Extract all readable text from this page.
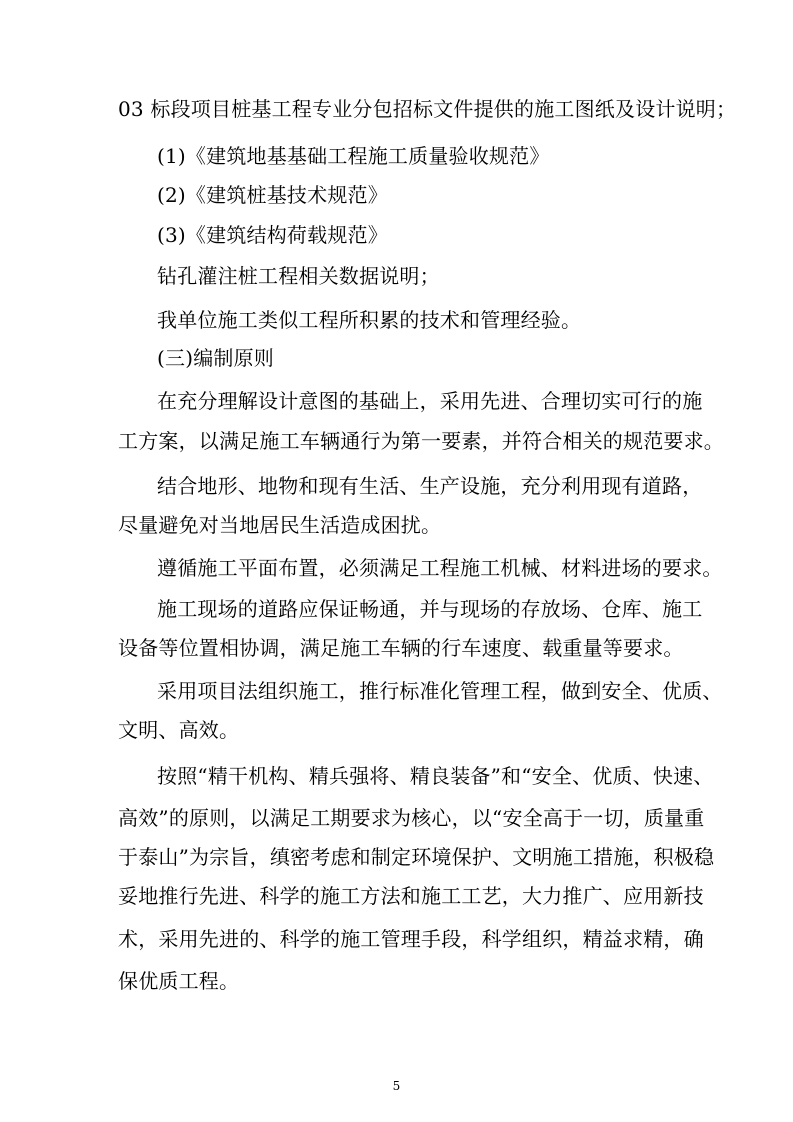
03 标段项目桩基工程专业分包招标文件提供的施工图纸及设计说明；
(1)《建筑地基基础工程施工质量验收规范》
(2)《建筑桩基技术规范》
(3)《建筑结构荷载规范》
钻孔灌注桩工程相关数据说明；
我单位施工类似工程所积累的技术和管理经验。
(三)编制原则
在充分理解设计意图的基础上，采用先进、合理切实可行的施
工方案，以满足施工车辆通行为第一要素，并符合相关的规范要求。
结合地形、地物和现有生活、生产设施，充分利用现有道路，
尽量避免对当地居民生活造成困扰。
遵循施工平面布置，必须满足工程施工机械、材料进场的要求。
施工现场的道路应保证畅通，并与现场的存放场、仓库、施工
设备等位置相协调，满足施工车辆的行车速度、载重量等要求。
采用项目法组织施工，推行标准化管理工程，做到安全、优质、
文明、高效。
按照“精干机构、精兵强将、精良装备”和“安全、优质、快速、
高效”的原则，以满足工期要求为核心，以“安全高于一切，质量重
于泰山”为宗旨，缜密考虑和制定环境保护、文明施工措施，积极稳
妥地推行先进、科学的施工方法和施工工艺，大力推广、应用新技
术，采用先进的、科学的施工管理手段，科学组织，精益求精，确
保优质工程。
5
